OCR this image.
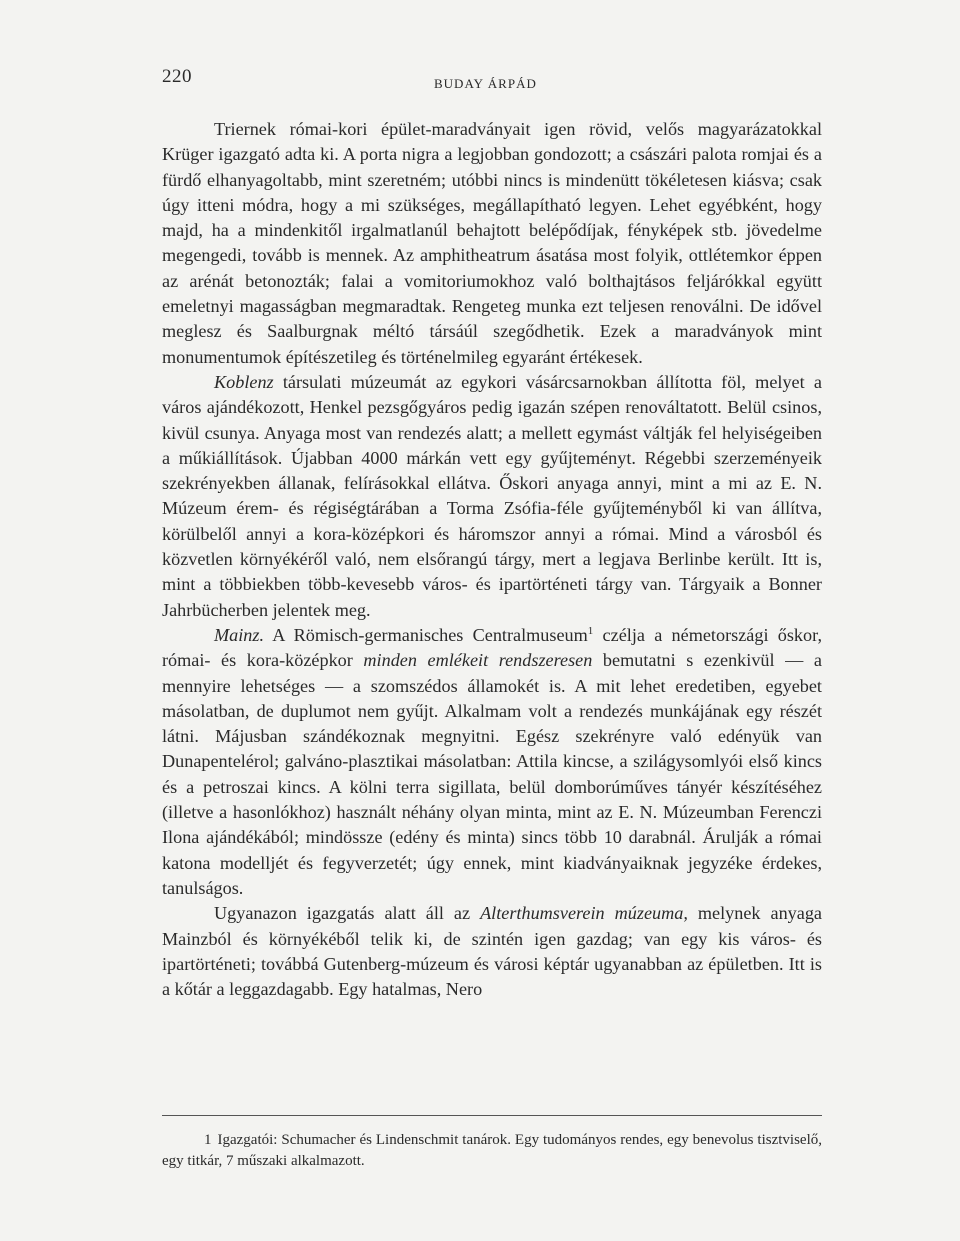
220	BUDAY ÁRPÁD

Triernek római-kori épület-maradványait igen rövid, velős magyarázatokkal Krüger igazgató adta ki. A porta nigra a legjobban gondozott; a császári palota romjai és a fürdő elhanyagoltabb, mint szeretném; utóbbi nincs is mindenütt tökéletesen kiásva; csak úgy itteni módra, hogy a mi szükséges, megállapítható legyen. Lehet egyébként, hogy majd, ha a mindenkitől irgalmatlanúl behajtott belépődíjak, fényképek stb. jövedelme megengedi, tovább is mennek. Az amphitheatrum ásatása most folyik, ottlétemkor éppen az arénát betonozták; falai a vomitoriumokhoz való bolthajtásos feljárókkal együtt emeletnyi magasságban megmaradtak. Rengeteg munka ezt teljesen renoválni. De idővel meglesz és Saalburgnak méltó társáúl szegődhetik. Ezek a maradványok mint monumentumok építészetileg és történelmileg egyaránt értékesek.

Koblenz társulati múzeumát az egykori vásárcsarnokban állította föl, melyet a város ajándékozott, Henkel pezsgőgyáros pedig igazán szépen renováltatott. Belül csinos, kivül csunya. Anyaga most van rendezés alatt; a mellett egymást váltják fel helyiségeiben a műkiállítások. Újabban 4000 márkán vett egy gyűjteményt. Régebbi szerzeményeik szekrényekben állanak, felírásokkal ellátva. Őskori anyaga annyi, mint a mi az E. N. Múzeum érem- és régiségtárában a Torma Zsófia-féle gyűjteményből ki van állítva, körülbelől annyi a kora-középkori és háromszor annyi a római. Mind a városból és közvetlen környékéről való, nem elsőrangú tárgy, mert a legjava Berlinbe került. Itt is, mint a többiekben több-kevesebb város- és ipartörténeti tárgy van. Tárgyaik a Bonner Jahrbücherben jelentek meg.

Mainz. A Römisch-germanisches Centralmuseum$^1$ czélja a németországi őskor, római- és kora-középkor minden emlékeit rendszeresen bemutatni s ezenkivül — a mennyire lehetséges — a szomszédos államokét is. A mit lehet eredetiben, egyebet másolatban, de duplumot nem gyűjt. Alkalmam volt a rendezés munkájának egy részét látni. Májusban szándékoznak megnyitni. Egész szekrényre való edényük van Dunapentelérol; galváno-plasztikai másolatban: Attila kincse, a szilágysomlyói első kincs és a petroszai kincs. A kölni terra sigillata, belül domborúműves tányér készítéséhez (illetve a hasonlókhoz) használt néhány olyan minta, mint az E. N. Múzeumban Ferenczi Ilona ajándékából; mindössze (edény és minta) sincs több 10 darabnál. Árulják a római katona modelljét és fegyverzetét; úgy ennek, mint kiadványaiknak jegyzéke érdekes, tanulságos.

Ugyanazon igazgatás alatt áll az Alterthumsverein múzeuma, melynek anyaga Mainzból és környékéből telik ki, de szintén igen gazdag; van egy kis város- és ipartörténeti; továbbá Gutenberg-múzeum és városi képtár ugyanabban az épületben. Itt is a kőtár a leggazdagabb. Egy hatalmas, Nero

1 Igazgatói: Schumacher és Lindenschmit tanárok. Egy tudományos rendes, egy benevolus tisztviselő, egy titkár, 7 műszaki alkalmazott.
